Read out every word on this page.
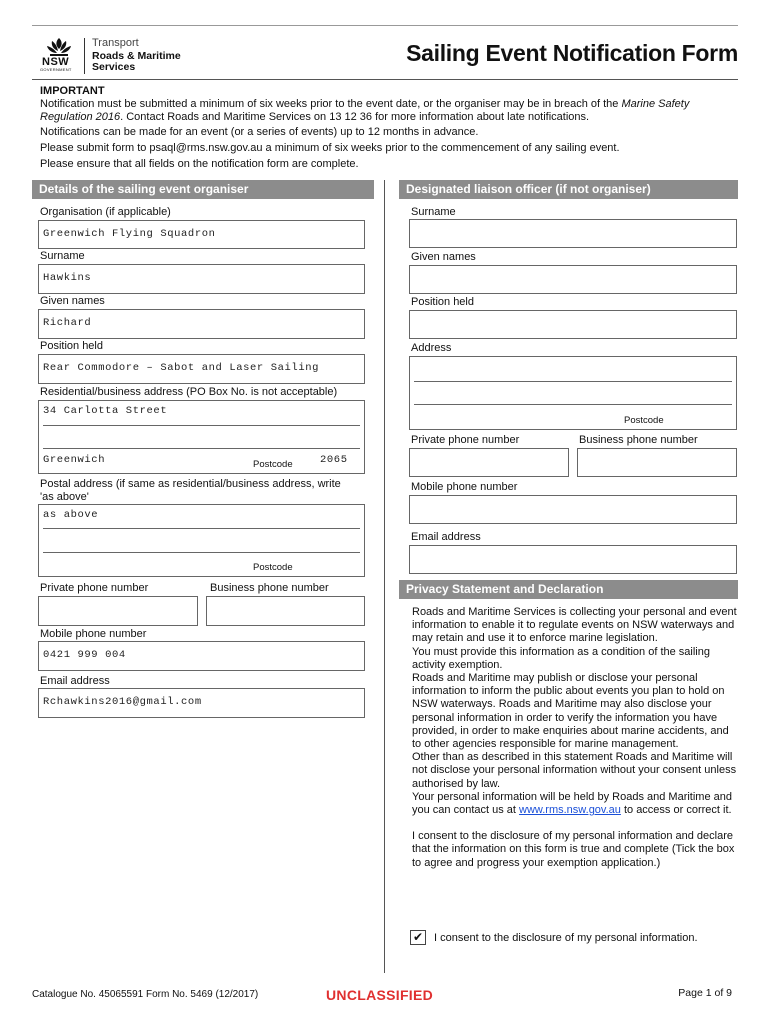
NSW
GOVERNMENT
Transport
Roads & Maritime
Services
Sailing Event Notification Form

IMPORTANT

Notification must be submitted a minimum of six weeks prior to the event date, or the organiser may be in breach of the Marine Safety Regulation 2016. Contact Roads and Maritime Services on 13 12 36 for more information about late notifications.

Notifications can be made for an event (or a series of events) up to 12 months in advance.

Please submit form to psaql@rms.nsw.gov.au a minimum of six weeks prior to the commencement of any sailing event.

Please ensure that all fields on the notification form are complete.

Details of the sailing event organiser
Organisation (if applicable)
Greenwich Flying Squadron
Surname
Hawkins
Given names
Richard
Position held
Rear Commodore – Sabot and Laser Sailing
Residential/business address (PO Box No. is not acceptable)
34 Carlotta Street
Greenwich	Postcode	2065
Postal address (if same as residential/business address, write
'as above'
as above
Postcode
Private phone number	Business phone number
Mobile phone number
0421 999 004
Email address
Rchawkins2016@gmail.com
Designated liaison officer (if not organiser)
Surname
Given names
Position held
Address
Postcode
Private phone number	Business phone number
Mobile phone number
Email address
Privacy Statement and Declaration

Roads and Maritime Services is collecting your personal and event information to enable it to regulate events on NSW waterways and may retain and use it to enforce marine legislation.

You must provide this information as a condition of the sailing activity exemption.

Roads and Maritime may publish or disclose your personal information to inform the public about events you plan to hold on NSW waterways. Roads and Maritime may also disclose your personal information in order to verify the information you have provided, in order to make enquiries about marine accidents, and to other agencies responsible for marine management.

Other than as described in this statement Roads and Maritime will not disclose your personal information without your consent unless authorised by law.

Your personal information will be held by Roads and Maritime and you can contact us at www.rms.nsw.gov.au to access or correct it.

I consent to the disclosure of my personal information and declare that the information on this form is true and complete (Tick the box to agree and progress your exemption application.)

✔ I consent to the disclosure of my personal information.
Catalogue No. 45065591 Form No. 5469 (12/2017)	UNCLASSIFIED	Page 1 of 9
